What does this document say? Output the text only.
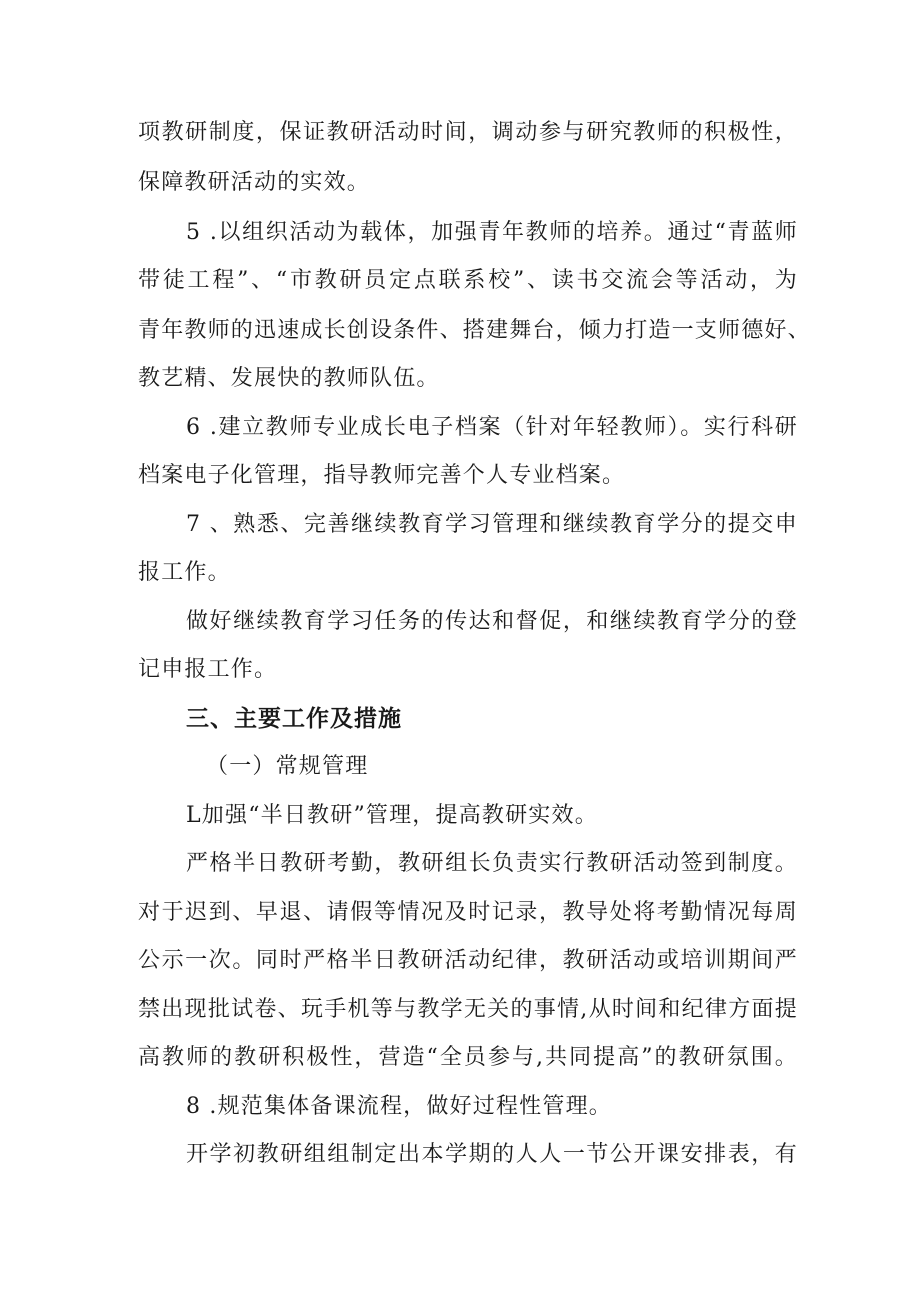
项教研制度，保证教研活动时间，调动参与研究教师的积极性，
保障教研活动的实效。
5 .以组织活动为载体，加强青年教师的培养。通过“青蓝师
带徒工程”、“市教研员定点联系校”、读书交流会等活动，为
青年教师的迅速成长创设条件、搭建舞台，倾力打造一支师德好、
教艺精、发展快的教师队伍。
6 .建立教师专业成长电子档案（针对年轻教师）。实行科研
档案电子化管理，指导教师完善个人专业档案。
7 、熟悉、完善继续教育学习管理和继续教育学分的提交申
报工作。
做好继续教育学习任务的传达和督促，和继续教育学分的登
记申报工作。
三、主要工作及措施
（一）常规管理
L加强“半日教研”管理，提高教研实效。
严格半日教研考勤，教研组长负责实行教研活动签到制度。
对于迟到、早退、请假等情况及时记录，教导处将考勤情况每周
公示一次。同时严格半日教研活动纪律，教研活动或培训期间严
禁出现批试卷、玩手机等与教学无关的事情,从时间和纪律方面提
高教师的教研积极性，营造“全员参与,共同提高”的教研氛围。
8 .规范集体备课流程，做好过程性管理。
开学初教研组组制定出本学期的人人一节公开课安排表，有
